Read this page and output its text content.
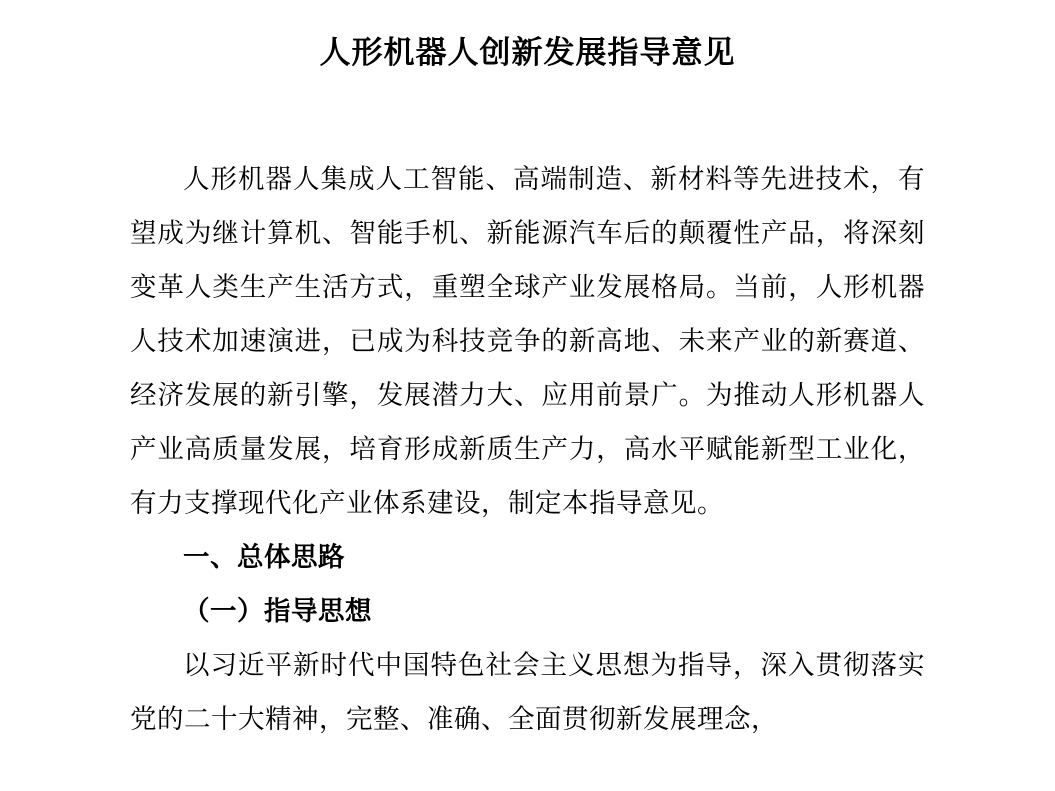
人形机器人创新发展指导意见

人形机器人集成人工智能、高端制造、新材料等先进技术，有望成为继计算机、智能手机、新能源汽车后的颠覆性产品，将深刻变革人类生产生活方式，重塑全球产业发展格局。当前，人形机器人技术加速演进，已成为科技竞争的新高地、未来产业的新赛道、经济发展的新引擎，发展潜力大、应用前景广。为推动人形机器人产业高质量发展，培育形成新质生产力，高水平赋能新型工业化，有力支撑现代化产业体系建设，制定本指导意见。

一、总体思路

（一）指导思想

以习近平新时代中国特色社会主义思想为指导，深入贯彻落实党的二十大精神，完整、准确、全面贯彻新发展理念，
